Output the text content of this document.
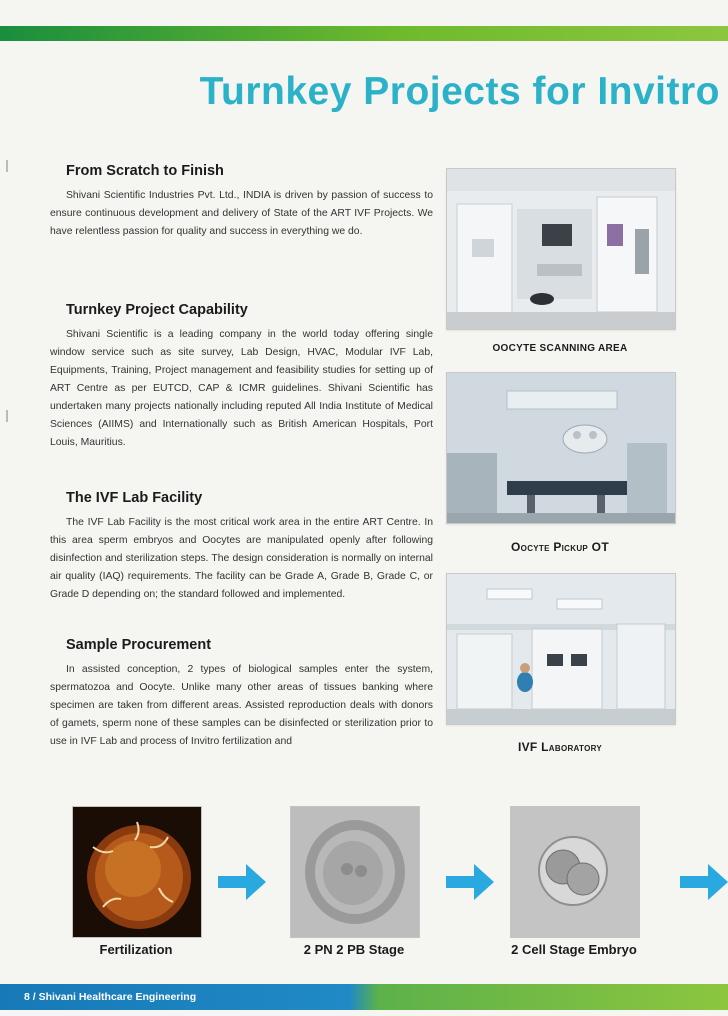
Turnkey Projects for Invitro
From Scratch to Finish

Shivani Scientific Industries Pvt. Ltd., INDIA is driven by passion of success to ensure continuous development and delivery of State of the ART IVF Projects. We have relentless passion for quality and success in everything we do.

Turnkey Project Capability

Shivani Scientific is a leading company in the world today offering single window service such as site survey, Lab Design, HVAC, Modular IVF Lab, Equipments, Training, Project management and feasibility studies for setting up of ART Centre as per EUTCD, CAP & ICMR guidelines. Shivani Scientific has undertaken many projects nationally including reputed All India Institute of Medical Sciences (AIIMS) and Internationally such as British American Hospitals, Port Louis, Mauritius.

The IVF Lab Facility

The IVF Lab Facility is the most critical work area in the entire ART Centre. In this area sperm embryos and Oocytes are manipulated openly after following disinfection and sterilization steps. The design consideration is normally on internal air quality (IAQ) requirements. The facility can be Grade A, Grade B, Grade C, or Grade D depending on; the standard followed and implemented.

Sample Procurement

In assisted conception, 2 types of biological samples enter the system, spermatozoa and Oocyte. Unlike many other areas of tissues banking where specimen are taken from different areas. Assisted reproduction deals with donors of gamets, sperm none of these samples can be disinfected or sterilization prior to use in IVF Lab and process of Invitro fertilization and

OOCYTE SCANNING AREA
Oocyte Pickup OT
IVF Laboratory
Fertilization	2 PN 2 PB Stage	2 Cell Stage Embryo
8 / Shivani Healthcare Engineering
